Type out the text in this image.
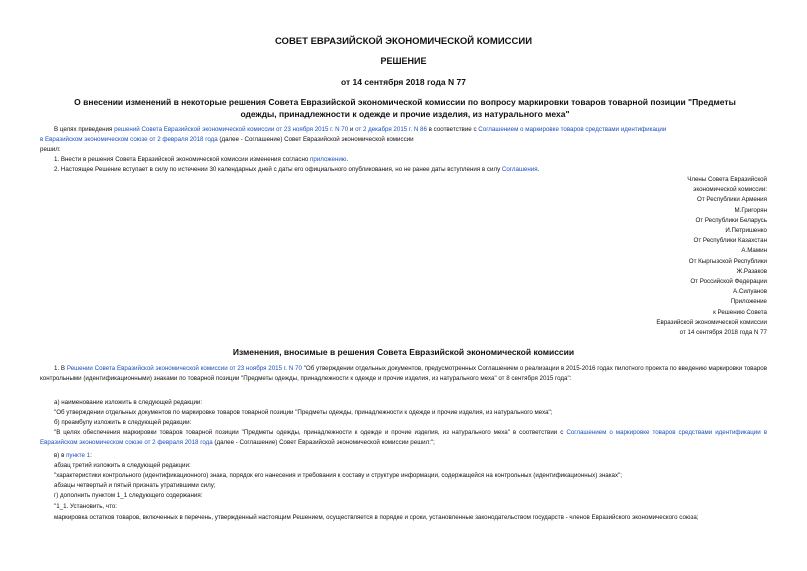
СОВЕТ ЕВРАЗИЙСКОЙ ЭКОНОМИЧЕСКОЙ КОМИССИИ
РЕШЕНИЕ
от 14 сентября 2018 года N 77
О внесении изменений в некоторые решения Совета Евразийской экономической комиссии по вопросу маркировки товаров товарной позиции "Предметы одежды, принадлежности к одежде и прочие изделия, из натурального меха"
В целях приведения решений Совета Евразийской экономической комиссии от 23 ноября 2015 г. N 70 и от 2 декабря 2015 г. N 86 в соответствие с Соглашением о маркировке товаров средствами идентификации
в Евразийском экономическом союзе от 2 февраля 2018 года (далее - Соглашение) Совет Евразийской экономической комиссии
решил:
1. Внести в решения Совета Евразийской экономической комиссии изменения согласно приложению.
2. Настоящее Решение вступает в силу по истечении 30 календарных дней с даты его официального опубликования, но не ранее даты вступления в силу Соглашения.
Члены Совета Евразийской
экономической комиссии:
От Республики Армения
М.Григорян
От Республики Беларусь
И.Петришенко
От Республики Казахстан
А.Мамин
От Кыргызской Республики
Ж.Разаков
От Российской Федерации
А.Силуанов
Приложение
к Решению Совета
Евразийской экономической комиссии
от 14 сентября 2018 года N 77
Изменения, вносимые в решения Совета Евразийской экономической комиссии
1. В Решении Совета Евразийской экономической комиссии от 23 ноября 2015 г. N 70 "Об утверждении отдельных документов, предусмотренных Соглашением о реализации в 2015-2016 годах пилотного проекта по введению маркировки товаров контрольными (идентификационными) знаками по товарной позиции "Предметы одежды, принадлежности к одежде и прочие изделия, из натурального меха" от 8 сентября 2015 года":
а) наименование изложить в следующей редакции:
"Об утверждении отдельных документов по маркировке товаров товарной позиции "Предметы одежды, принадлежности к одежде и прочие изделия, из натурального меха";
б) преамбулу изложить в следующей редакции:
"В целях обеспечения маркировки товаров товарной позиции "Предметы одежды, принадлежности к одежде и прочие изделия, из натурального меха" в соответствии с Соглашением о маркировке товаров средствами идентификации в Евразийском экономическом союзе от 2 февраля 2018 года (далее - Соглашение) Совет Евразийской экономической комиссии решил:";
в) в пункте 1:
абзац третий изложить в следующей редакции:
"характеристики контрольного (идентификационного) знака, порядок его нанесения и требования к составу и структуре информации, содержащейся на контрольных (идентификационных) знаках";
абзацы четвертый и пятый признать утратившими силу;
г) дополнить пунктом 1_1 следующего содержания:
"1_1. Установить, что:
маркировка остатков товаров, включенных в перечень, утвержденный настоящим Решением, осуществляется в порядке и сроки, установленные законодательством государств - членов Евразийского экономического союза;
